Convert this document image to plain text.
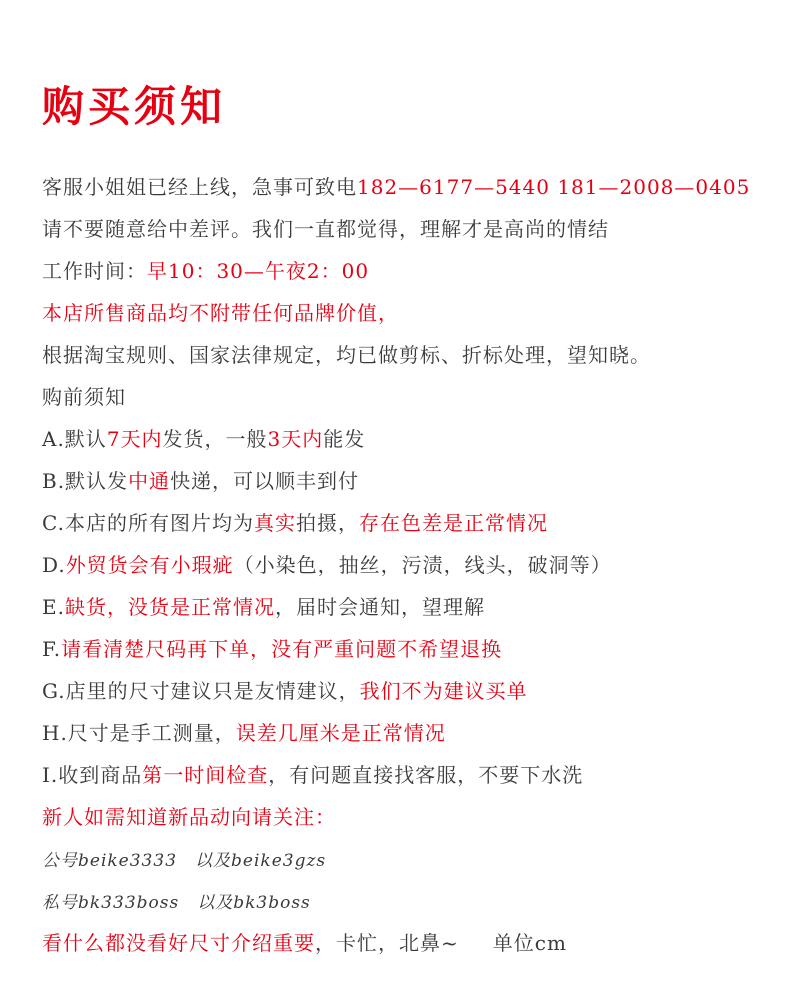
购买须知
客服小姐姐已经上线，急事可致电182—6177—5440 181—2008—0405
请不要随意给中差评。我们一直都觉得，理解才是高尚的情结
工作时间：早10：30—午夜2：00
本店所售商品均不附带任何品牌价值，
根据淘宝规则、国家法律规定，均已做剪标、折标处理，望知晓。
购前须知
A.默认7天内发货，一般3天内能发
B.默认发中通快递，可以顺丰到付
C.本店的所有图片均为真实拍摄，存在色差是正常情况
D.外贸货会有小瑕疵（小染色，抽丝，污渍，线头，破洞等）
E.缺货，没货是正常情况，届时会通知，望理解
F.请看清楚尺码再下单，没有严重问题不希望退换
G.店里的尺寸建议只是友情建议，我们不为建议买单
H.尺寸是手工测量，误差几厘米是正常情况
I.收到商品第一时间检查，有问题直接找客服，不要下水洗
新人如需知道新品动向请关注：
公号beike3333 以及beike3gzs
私号bk333boss 以及bk3boss
看什么都没看好尺寸介绍重要，卡忙，北鼻~ 单位cm
